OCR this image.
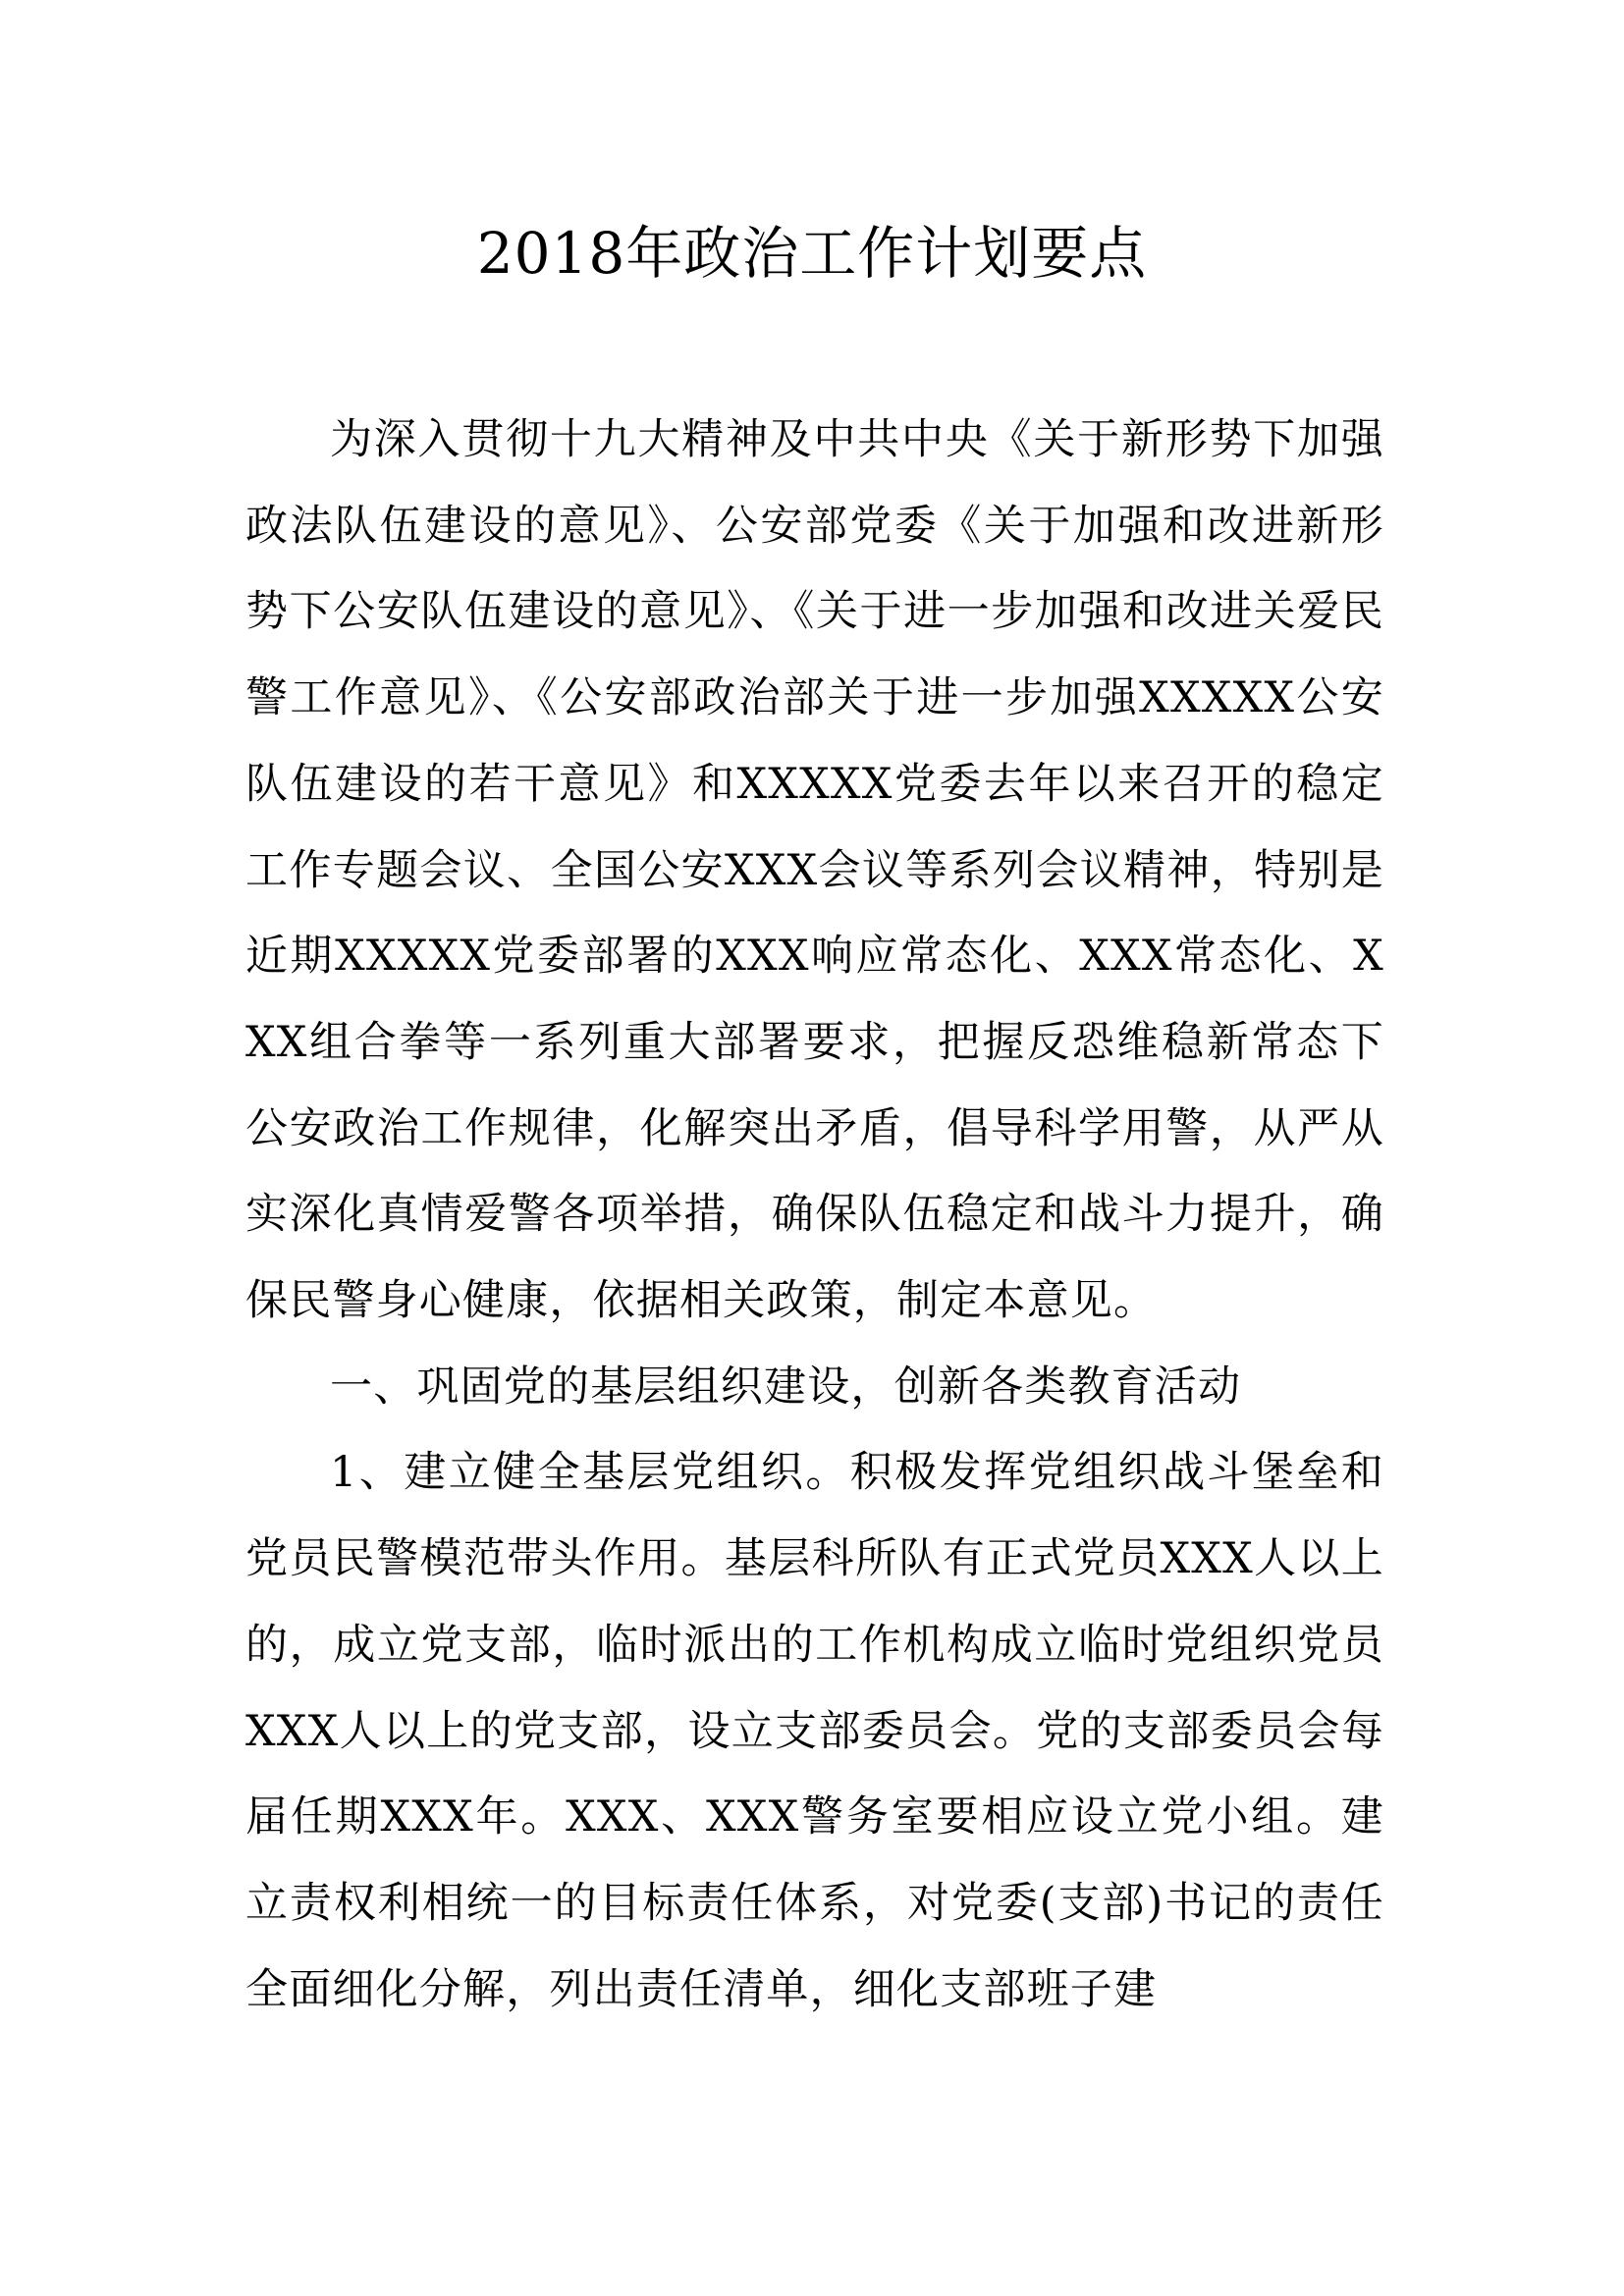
2018年政治工作计划要点

为深入贯彻十九大精神及中共中央《关于新形势下加强政法队伍建设的意见》、公安部党委《关于加强和改进新形势下公安队伍建设的意见》、《关于进一步加强和改进关爱民警工作意见》、《公安部政治部关于进一步加强XXXXX公安队伍建设的若干意见》和XXXXX党委去年以来召开的稳定工作专题会议、全国公安XXX会议等系列会议精神，特别是近期XXXXX党委部署的XXX响应常态化、XXX常态化、XXX组合拳等一系列重大部署要求，把握反恐维稳新常态下公安政治工作规律，化解突出矛盾，倡导科学用警，从严从实深化真情爱警各项举措，确保队伍稳定和战斗力提升，确保民警身心健康，依据相关政策，制定本意见。

一、巩固党的基层组织建设，创新各类教育活动

1、建立健全基层党组织。积极发挥党组织战斗堡垒和党员民警模范带头作用。基层科所队有正式党员XXX人以上的，成立党支部，临时派出的工作机构成立临时党组织党员XXX人以上的党支部，设立支部委员会。党的支部委员会每届任期XXX年。XXX、XXX警务室要相应设立党小组。建立责权利相统一的目标责任体系，对党委(支部)书记的责任全面细化分解，列出责任清单，细化支部班子建
